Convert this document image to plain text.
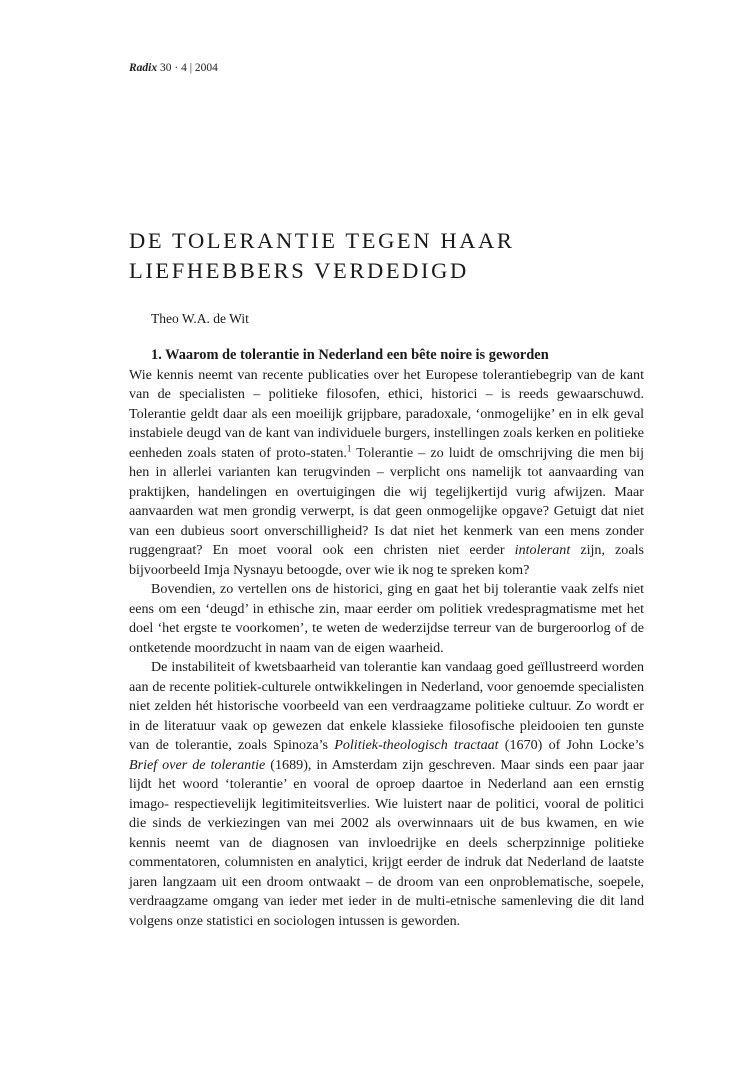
Radix 30 · 4 | 2004
DE TOLERANTIE TEGEN HAAR
LIEFHEBBERS VERDEDIGD
Theo W.A. de Wit
1. Waarom de tolerantie in Nederland een bête noire is geworden

Wie kennis neemt van recente publicaties over het Europese tolerantiebegrip van de kant van de specialisten – politieke filosofen, ethici, historici – is reeds gewaarschuwd. Tolerantie geldt daar als een moeilijk grijpbare, paradoxale, ‘onmogelijke’ en in elk geval instabiele deugd van de kant van individuele burgers, instellingen zoals kerken en politieke eenheden zoals staten of proto-staten.$^1$ Tolerantie – zo luidt de omschrijving die men bij hen in allerlei varianten kan terugvinden – verplicht ons namelijk tot aanvaarding van praktijken, handelingen en overtuigingen die wij tegelijkertijd vurig afwijzen. Maar aanvaarden wat men grondig verwerpt, is dat geen onmogelijke opgave? Getuigt dat niet van een dubieus soort onverschilligheid? Is dat niet het kenmerk van een mens zonder ruggengraat? En moet vooral ook een christen niet eerder intolerant zijn, zoals bijvoorbeeld Imja Nysnayu betoogde, over wie ik nog te spreken kom?

Bovendien, zo vertellen ons de historici, ging en gaat het bij tolerantie vaak zelfs niet eens om een ‘deugd’ in ethische zin, maar eerder om politiek vredespragmatisme met het doel ‘het ergste te voorkomen’, te weten de wederzijdse terreur van de burgeroorlog of de ontketende moordzucht in naam van de eigen waarheid.

De instabiliteit of kwetsbaarheid van tolerantie kan vandaag goed geïllustreerd worden aan de recente politiek-culturele ontwikkelingen in Nederland, voor genoemde specialisten niet zelden hét historische voorbeeld van een verdraagzame politieke cultuur. Zo wordt er in de literatuur vaak op gewezen dat enkele klassieke filosofische pleidooien ten gunste van de tolerantie, zoals Spinoza’s Politiek-theologisch tractaat (1670) of John Locke’s Brief over de tolerantie (1689), in Amsterdam zijn geschreven. Maar sinds een paar jaar lijdt het woord ‘tolerantie’ en vooral de oproep daartoe in Nederland aan een ernstig imago- respectievelijk legitimiteitsverlies. Wie luistert naar de politici, vooral de politici die sinds de verkiezingen van mei 2002 als overwinnaars uit de bus kwamen, en wie kennis neemt van de diagnosen van invloedrijke en deels scherpzinnige politieke commentatoren, columnisten en analytici, krijgt eerder de indruk dat Nederland de laatste jaren langzaam uit een droom ontwaakt – de droom van een onproblematische, soepele, verdraagzame omgang van ieder met ieder in de multi-etnische samenleving die dit land volgens onze statistici en sociologen intussen is geworden.
